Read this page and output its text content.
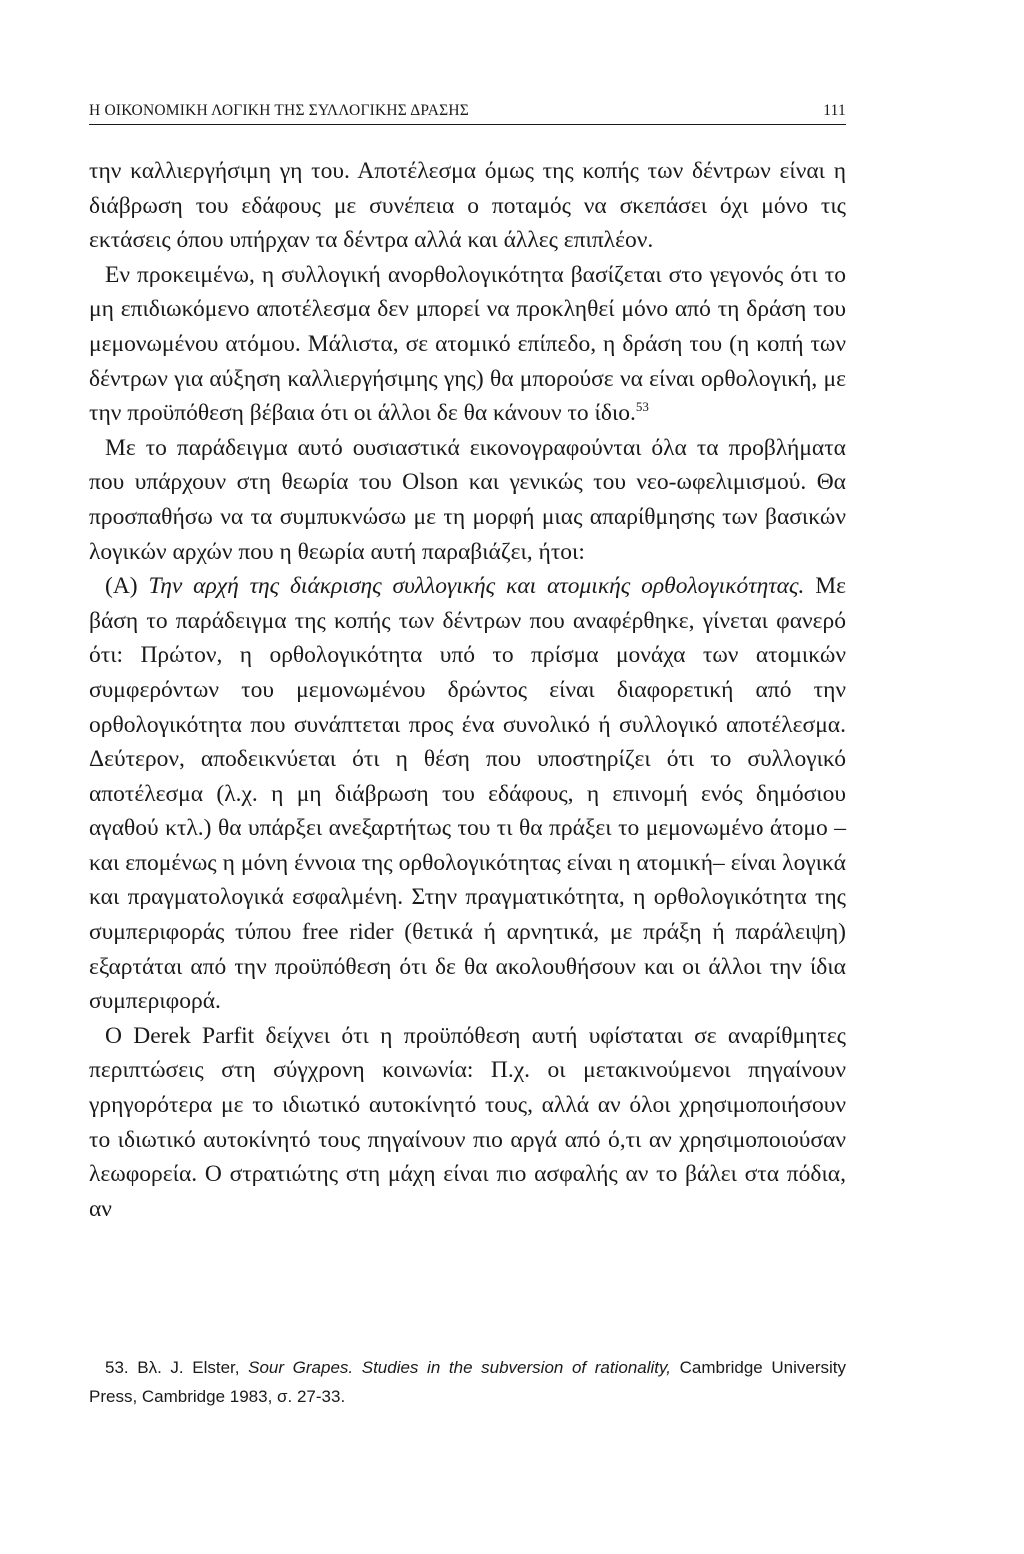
Η ΟΙΚΟΝΟΜΙΚΗ ΛΟΓΙΚΗ ΤΗΣ ΣΥΛΛΟΓΙΚΗΣ ΔΡΑΣΗΣ	111

την καλλιεργήσιμη γη του. Αποτέλεσμα όμως της κοπής των δέντρων είναι η διάβρωση του εδάφους με συνέπεια ο ποταμός να σκεπάσει όχι μόνο τις εκτάσεις όπου υπήρχαν τα δέντρα αλλά και άλλες επιπλέον.

Εν προκειμένω, η συλλογική ανορθολογικότητα βασίζεται στο γεγονός ότι το μη επιδιωκόμενο αποτέλεσμα δεν μπορεί να προκληθεί μόνο από τη δράση του μεμονωμένου ατόμου. Μάλιστα, σε ατομικό επίπεδο, η δράση του (η κοπή των δέντρων για αύξηση καλλιεργήσιμης γης) θα μπορούσε να είναι ορθολογική, με την προϋπόθεση βέβαια ότι οι άλλοι δε θα κάνουν το ίδιο.$^{53}$

Με το παράδειγμα αυτό ουσιαστικά εικονογραφούνται όλα τα προβλήματα που υπάρχουν στη θεωρία του Olson και γενικώς του νεο-ωφελιμισμού. Θα προσπαθήσω να τα συμπυκνώσω με τη μορφή μιας απαρίθμησης των βασικών λογικών αρχών που η θεωρία αυτή παραβιάζει, ήτοι:

(Α) Την αρχή της διάκρισης συλλογικής και ατομικής ορθολογικότητας. Με βάση το παράδειγμα της κοπής των δέντρων που αναφέρθηκε, γίνεται φανερό ότι: Πρώτον, η ορθολογικότητα υπό το πρίσμα μονάχα των ατομικών συμφερόντων του μεμονωμένου δρώντος είναι διαφορετική από την ορθολογικότητα που συνάπτεται προς ένα συνολικό ή συλλογικό αποτέλεσμα. Δεύτερον, αποδεικνύεται ότι η θέση που υποστηρίζει ότι το συλλογικό αποτέλεσμα (λ.χ. η μη διάβρωση του εδάφους, η επινομή ενός δημόσιου αγαθού κτλ.) θα υπάρξει ανεξαρτήτως του τι θα πράξει το μεμονωμένο άτομο –και επομένως η μόνη έννοια της ορθολογικότητας είναι η ατομική– είναι λογικά και πραγματολογικά εσφαλμένη. Στην πραγματικότητα, η ορθολογικότητα της συμπεριφοράς τύπου free rider (θετικά ή αρνητικά, με πράξη ή παράλειψη) εξαρτάται από την προϋπόθεση ότι δε θα ακολουθήσουν και οι άλλοι την ίδια συμπεριφορά.

Ο Derek Parfit δείχνει ότι η προϋπόθεση αυτή υφίσταται σε αναρίθμητες περιπτώσεις στη σύγχρονη κοινωνία: Π.χ. οι μετακινούμενοι πηγαίνουν γρηγορότερα με το ιδιωτικό αυτοκίνητό τους, αλλά αν όλοι χρησιμοποιήσουν το ιδιωτικό αυτοκίνητό τους πηγαίνουν πιο αργά από ό,τι αν χρησιμοποιούσαν λεωφορεία. Ο στρατιώτης στη μάχη είναι πιο ασφαλής αν το βάλει στα πόδια, αν

53. Βλ. J. Elster, Sour Grapes. Studies in the subversion of rationality, Cambridge University Press, Cambridge 1983, σ. 27-33.
